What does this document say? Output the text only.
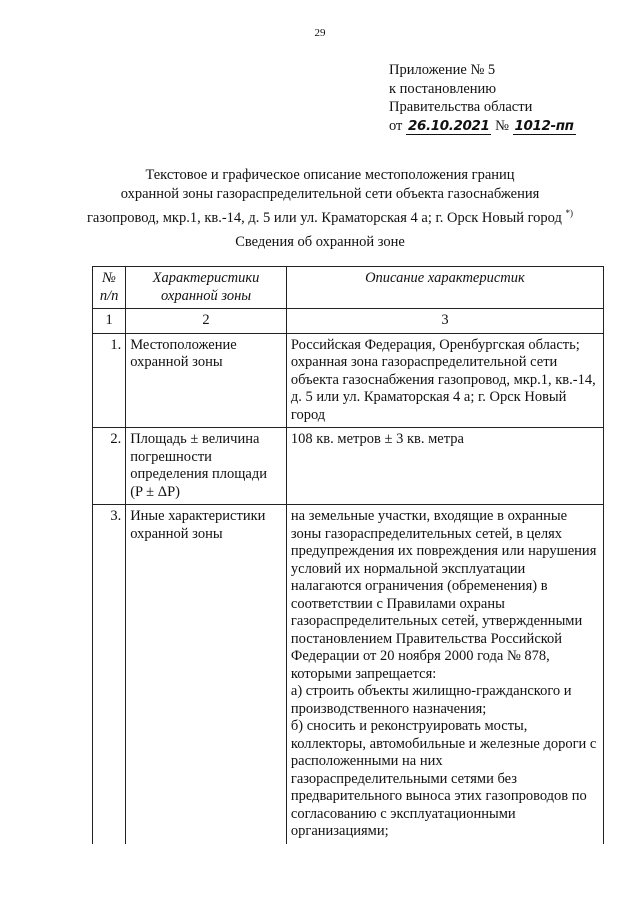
29
Приложение № 5
к постановлению
Правительства области
от 26.10.2021 № 1012-пп
Текстовое и графическое описание местоположения границ
охранной зоны газораспределительной сети объекта газоснабжения
газопровод, мкр.1, кв.-14, д. 5 или ул. Краматорская 4 а; г. Орск Новый город *)
Сведения об охранной зоне
№ п/п	Характеристики охранной зоны	Описание характеристик
1	2	3
1.	Местоположение охранной зоны	Российская Федерация, Оренбургская область; охранная зона газораспределительной сети объекта газоснабжения газопровод, мкр.1, кв.-14, д. 5 или ул. Краматорская 4 а; г. Орск Новый город

2.	Площадь ± величина погрешности определения площади (P ± ΔP)	108 кв. метров ± 3 кв. метра

3.	Иные характеристики охранной зоны	на земельные участки, входящие в охранные зоны газораспределительных сетей, в целях предупреждения их повреждения или нарушения условий их нормальной эксплуатации налагаются ограничения (обременения) в соответствии с Правилами охраны газораспределительных сетей, утвержденными постановлением Правительства Российской Федерации от 20 ноября 2000 года № 878, которыми запрещается:

а) строить объекты жилищно-гражданского и производственного назначения;

б) сносить и реконструировать мосты, коллекторы, автомобильные и железные дороги с расположенными на них газораспределительными сетями без предварительного выноса этих газопроводов по согласованию с эксплуатационными организациями;
